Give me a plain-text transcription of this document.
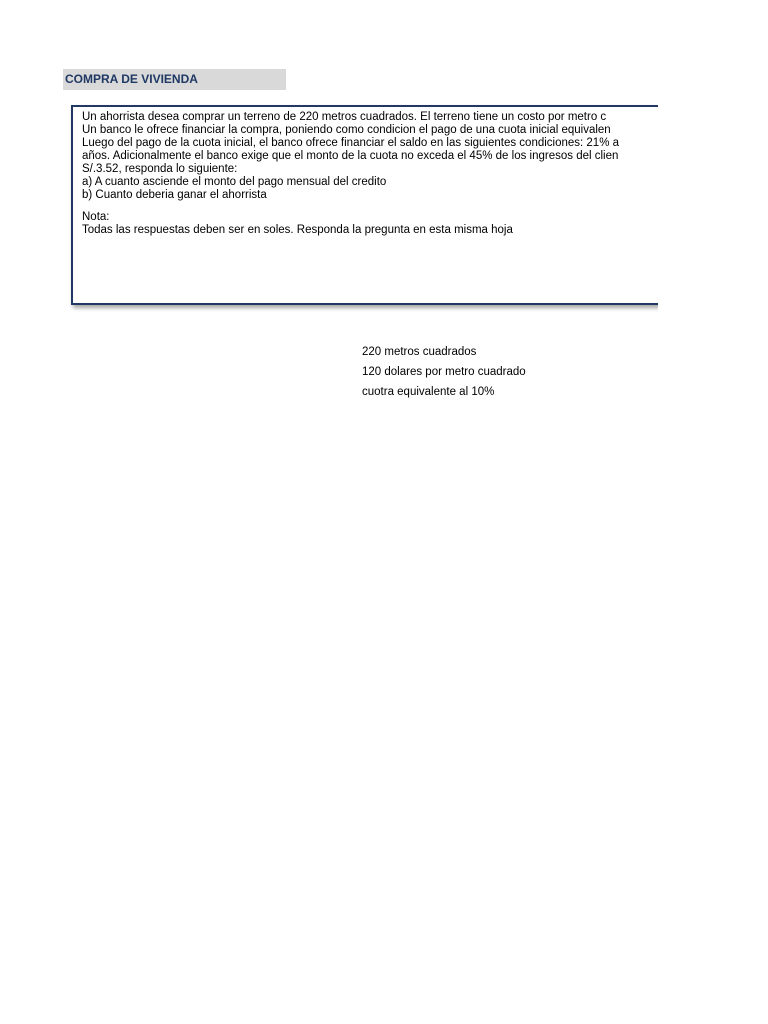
COMPRA DE VIVIENDA
Un ahorrista desea comprar un terreno de 220 metros cuadrados. El terreno tiene un costo por metro c
Un banco le ofrece financiar la compra, poniendo como condicion el pago de una cuota inicial equivalen
Luego del pago de la cuota inicial, el banco ofrece financiar el saldo en las siguientes condiciones: 21% a
años. Adicionalmente el banco exige que el monto de la cuota no exceda el 45% de los ingresos del clien
S/.3.52, responda lo siguiente:
a) A cuanto asciende el monto del pago mensual del credito
b) Cuanto deberia ganar el ahorrista
Nota:
Todas las respuestas deben ser en soles. Responda la pregunta en esta misma hoja
220 metros cuadrados
120 dolares por metro cuadrado
cuotra equivalente al 10%
